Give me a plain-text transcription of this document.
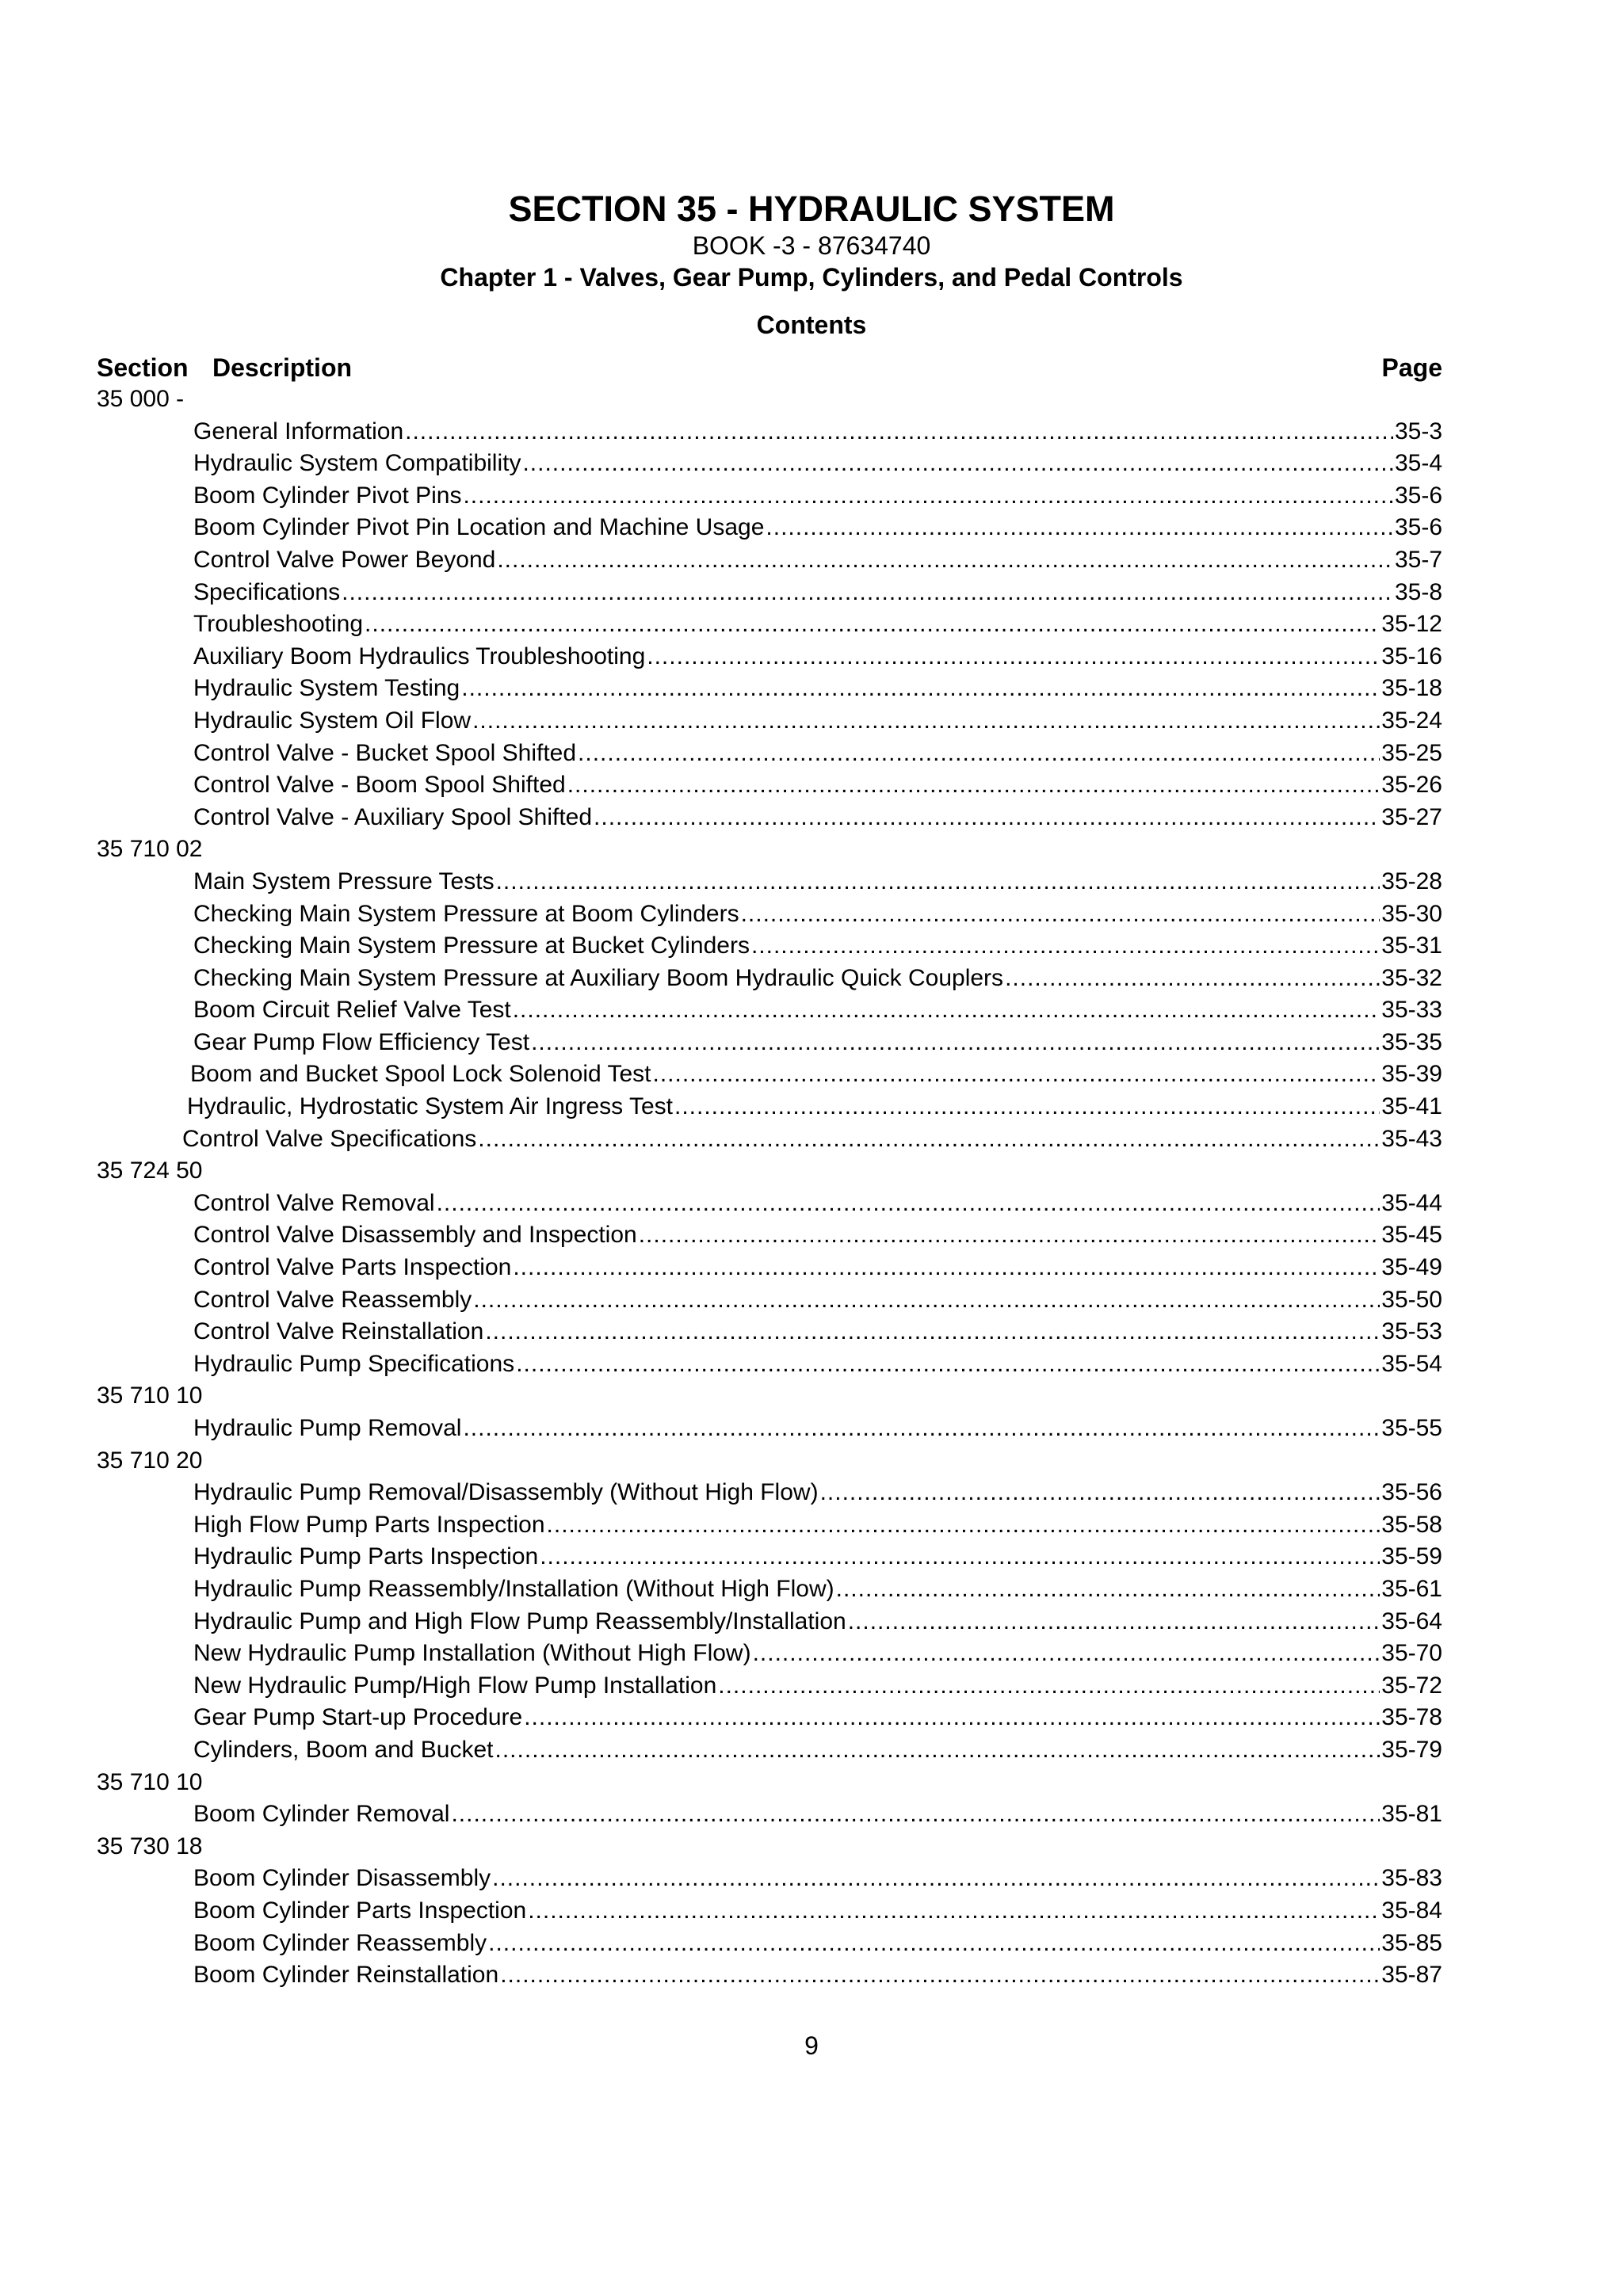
SECTION 35 - HYDRAULIC SYSTEM
BOOK -3 - 87634740
Chapter 1 - Valves, Gear Pump, Cylinders, and Pedal Controls
Contents
Section Description	Page
35 000 -
General Information .....	35-3
Hydraulic System Compatibility .....	35-4
Boom Cylinder Pivot Pins .....	35-6
Boom Cylinder Pivot Pin Location and Machine Usage .....	35-6
Control Valve Power Beyond .....	35-7
Specifications .....	35-8
Troubleshooting .....	35-12
Auxiliary Boom Hydraulics Troubleshooting .....	35-16
Hydraulic System Testing .....	35-18
Hydraulic System Oil Flow .....	35-24
Control Valve - Bucket Spool Shifted .....	35-25
Control Valve - Boom Spool Shifted .....	35-26
Control Valve - Auxiliary Spool Shifted .....	35-27
35 710 02
Main System Pressure Tests .....	35-28
Checking Main System Pressure at Boom Cylinders .....	35-30
Checking Main System Pressure at Bucket Cylinders .....	35-31
Checking Main System Pressure at Auxiliary Boom Hydraulic Quick Couplers .....	35-32
Boom Circuit Relief Valve Test .....	35-33
Gear Pump Flow Efficiency Test .....	35-35
Boom and Bucket Spool Lock Solenoid Test .....	35-39
Hydraulic, Hydrostatic System Air Ingress Test .....	35-41
Control Valve Specifications .....	35-43
35 724 50
Control Valve Removal .....	35-44
Control Valve Disassembly and Inspection .....	35-45
Control Valve Parts Inspection .....	35-49
Control Valve Reassembly .....	35-50
Control Valve Reinstallation .....	35-53
Hydraulic Pump Specifications .....	35-54
35 710 10
Hydraulic Pump Removal .....	35-55
35 710 20
Hydraulic Pump Removal/Disassembly (Without High Flow) .....	35-56
High Flow Pump Parts Inspection .....	35-58
Hydraulic Pump Parts Inspection .....	35-59
Hydraulic Pump Reassembly/Installation (Without High Flow) .....	35-61
Hydraulic Pump and High Flow Pump Reassembly/Installation .....	35-64
New Hydraulic Pump Installation (Without High Flow) .....	35-70
New Hydraulic Pump/High Flow Pump Installation .....	35-72
Gear Pump Start-up Procedure .....	35-78
Cylinders, Boom and Bucket .....	35-79
35 710 10
Boom Cylinder Removal .....	35-81
35 730 18
Boom Cylinder Disassembly .....	35-83
Boom Cylinder Parts Inspection .....	35-84
Boom Cylinder Reassembly .....	35-85
Boom Cylinder Reinstallation .....	35-87
9
